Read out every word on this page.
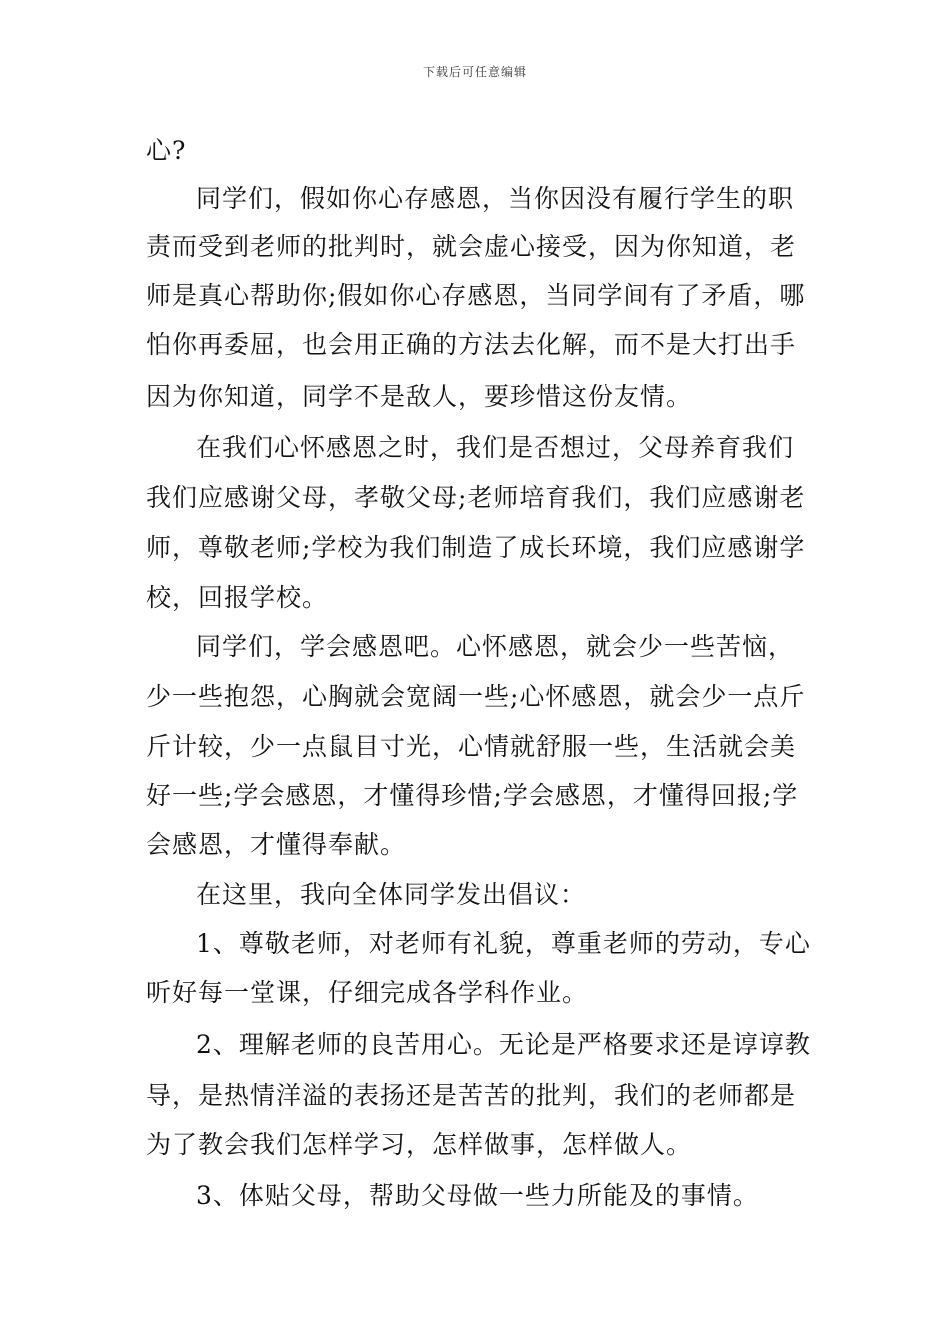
下载后可任意编辑
心?
同学们，假如你心存感恩，当你因没有履行学生的职
责而受到老师的批判时，就会虚心接受，因为你知道，老
师是真心帮助你;假如你心存感恩，当同学间有了矛盾，哪
怕你再委屈，也会用正确的方法去化解，而不是大打出手
因为你知道，同学不是敌人，要珍惜这份友情。
在我们心怀感恩之时，我们是否想过，父母养育我们
我们应感谢父母，孝敬父母;老师培育我们，我们应感谢老
师，尊敬老师;学校为我们制造了成长环境，我们应感谢学
校，回报学校。
同学们，学会感恩吧。心怀感恩，就会少一些苦恼，
少一些抱怨，心胸就会宽阔一些;心怀感恩，就会少一点斤
斤计较，少一点鼠目寸光，心情就舒服一些，生活就会美
好一些;学会感恩，才懂得珍惜;学会感恩，才懂得回报;学
会感恩，才懂得奉献。
在这里，我向全体同学发出倡议：
1、尊敬老师，对老师有礼貌，尊重老师的劳动，专心
听好每一堂课，仔细完成各学科作业。
2、理解老师的良苦用心。无论是严格要求还是谆谆教
导，是热情洋溢的表扬还是苦苦的批判，我们的老师都是
为了教会我们怎样学习，怎样做事，怎样做人。
3、体贴父母，帮助父母做一些力所能及的事情。
